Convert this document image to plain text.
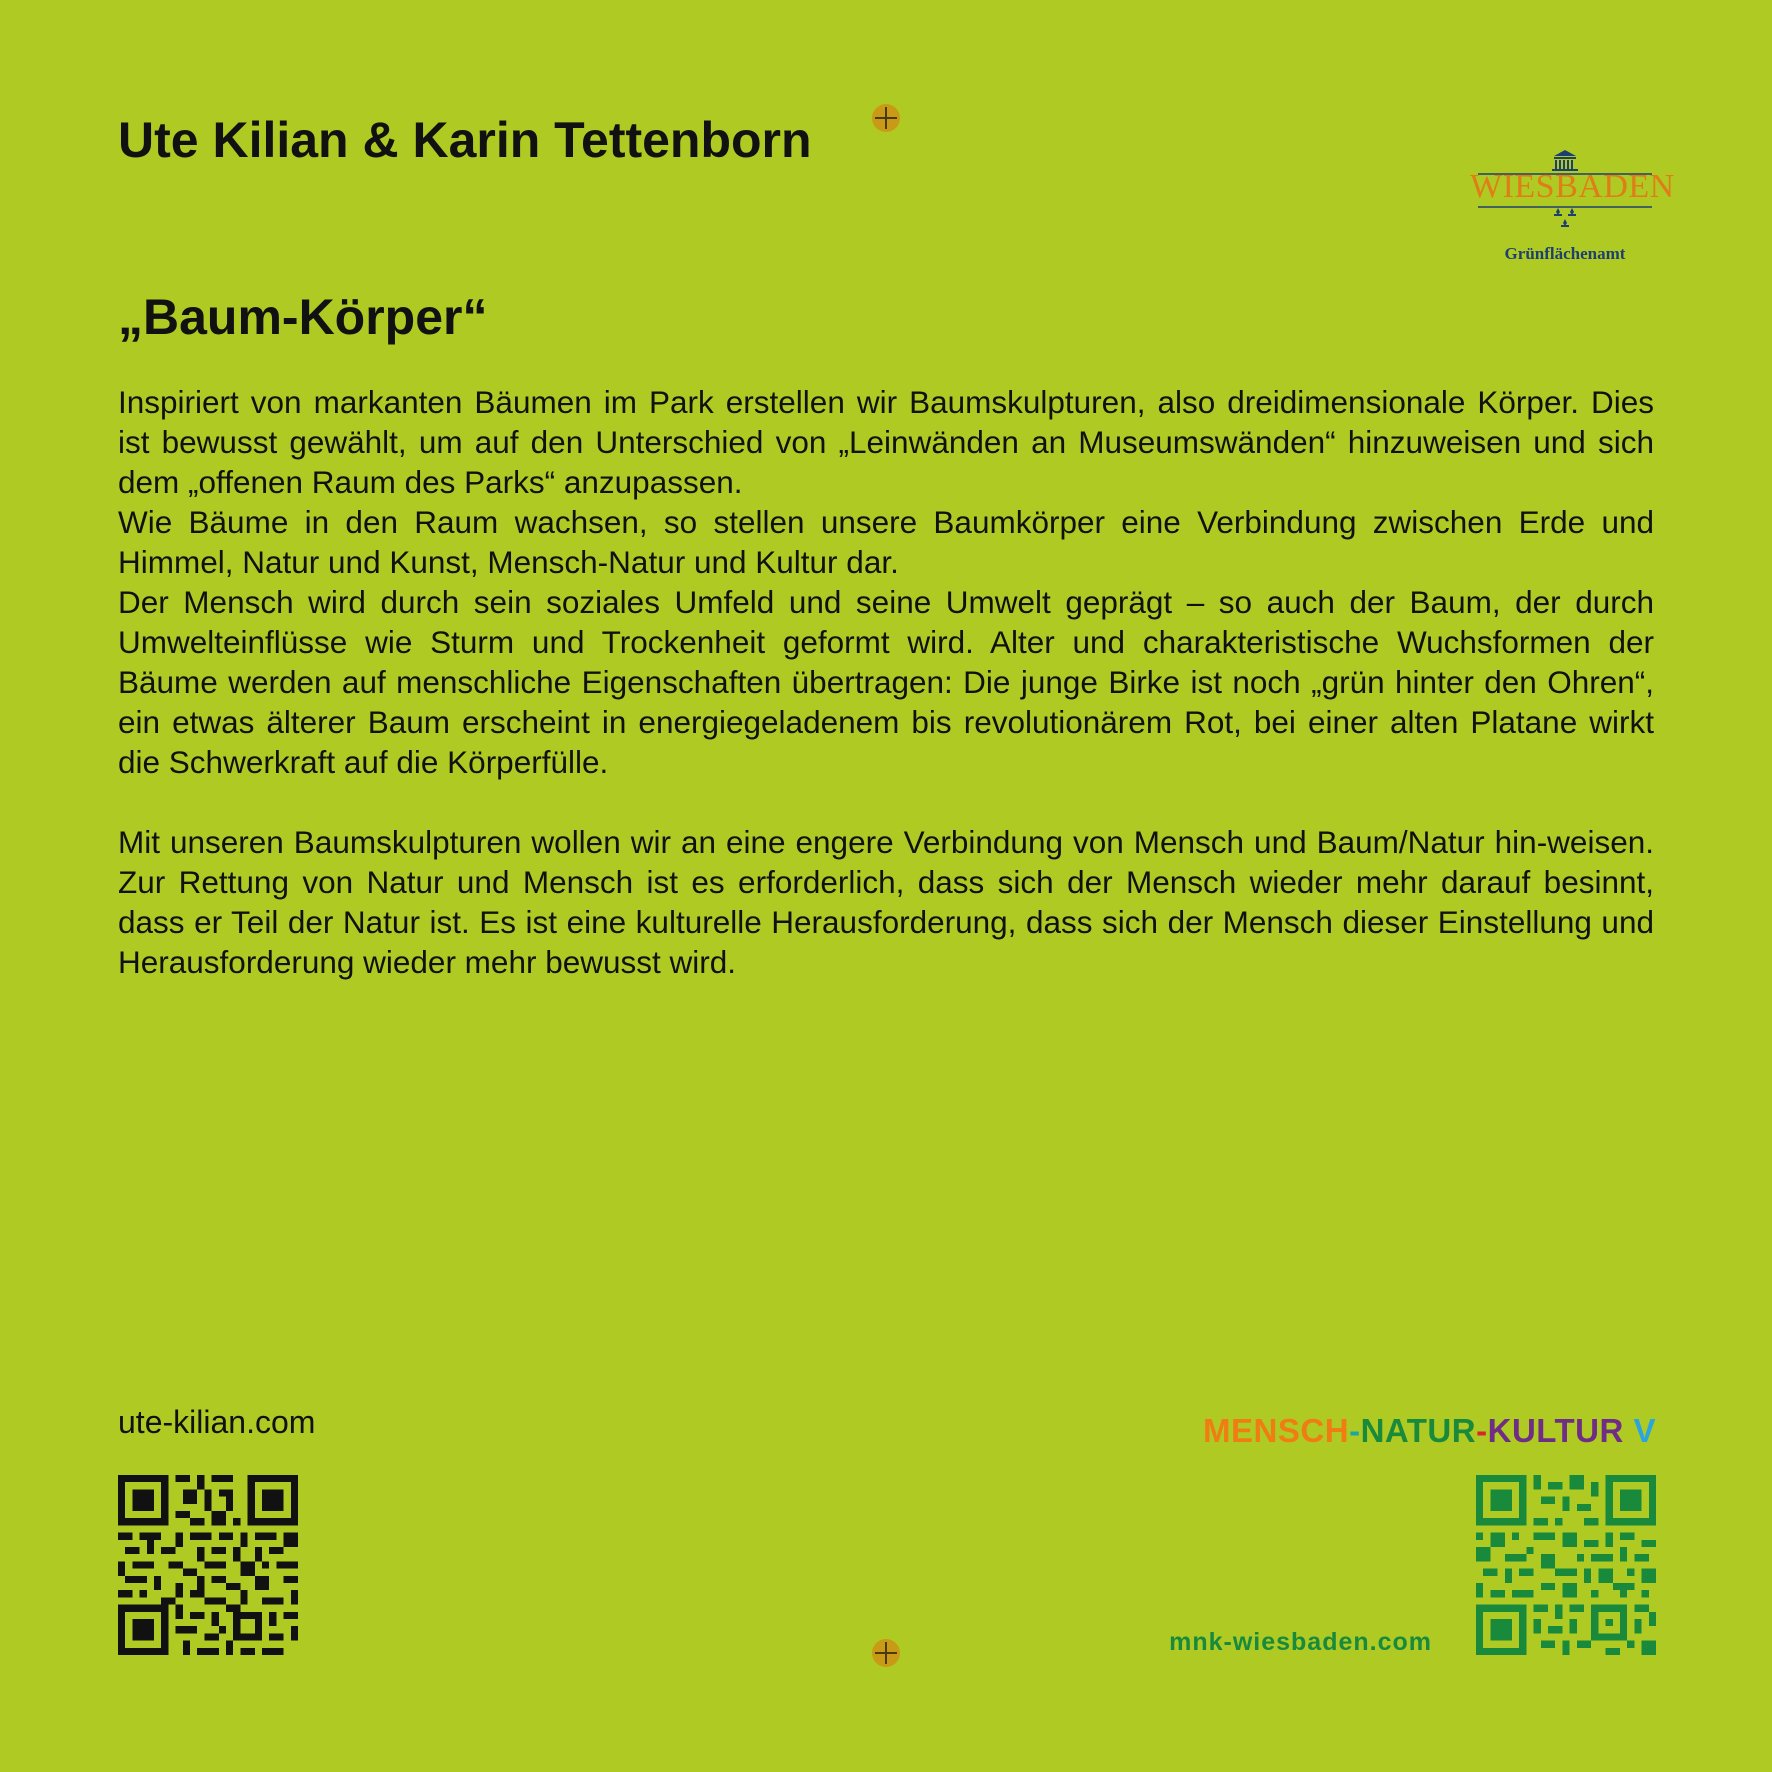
Ute Kilian & Karin Tettenborn
WIESBADEN
Grünflächenamt
„Baum-Körper“

Inspiriert von markanten Bäumen im Park erstellen wir Baumskulpturen, also dreidimensionale Körper. Dies ist bewusst gewählt, um auf den Unterschied von „Leinwänden an Museumswänden“ hinzuweisen und sich dem „offenen Raum des Parks“ anzupassen.

Wie Bäume in den Raum wachsen, so stellen unsere Baumkörper eine Verbindung zwischen Erde und Himmel, Natur und Kunst, Mensch-Natur und Kultur dar.

Der Mensch wird durch sein soziales Umfeld und seine Umwelt geprägt – so auch der Baum, der durch Umwelteinflüsse wie Sturm und Trockenheit geformt wird. Alter und charakteristische Wuchsformen der Bäume werden auf menschliche Eigenschaften übertragen: Die junge Birke ist noch „grün hinter den Ohren“, ein etwas älterer Baum erscheint in energiegeladenem bis revolutionärem Rot, bei einer alten Platane wirkt die Schwerkraft auf die Körperfülle.

Mit unseren Baumskulpturen wollen wir an eine engere Verbindung von Mensch und Baum/Natur hin-weisen. Zur Rettung von Natur und Mensch ist es erforderlich, dass sich der Mensch wieder mehr darauf besinnt, dass er Teil der Natur ist. Es ist eine kulturelle Herausforderung, dass sich der Mensch dieser Einstellung und Herausforderung wieder mehr bewusst wird.

ute-kilian.com	MENSCH-NATUR-KULTUR V

mnk-wiesbaden.com
